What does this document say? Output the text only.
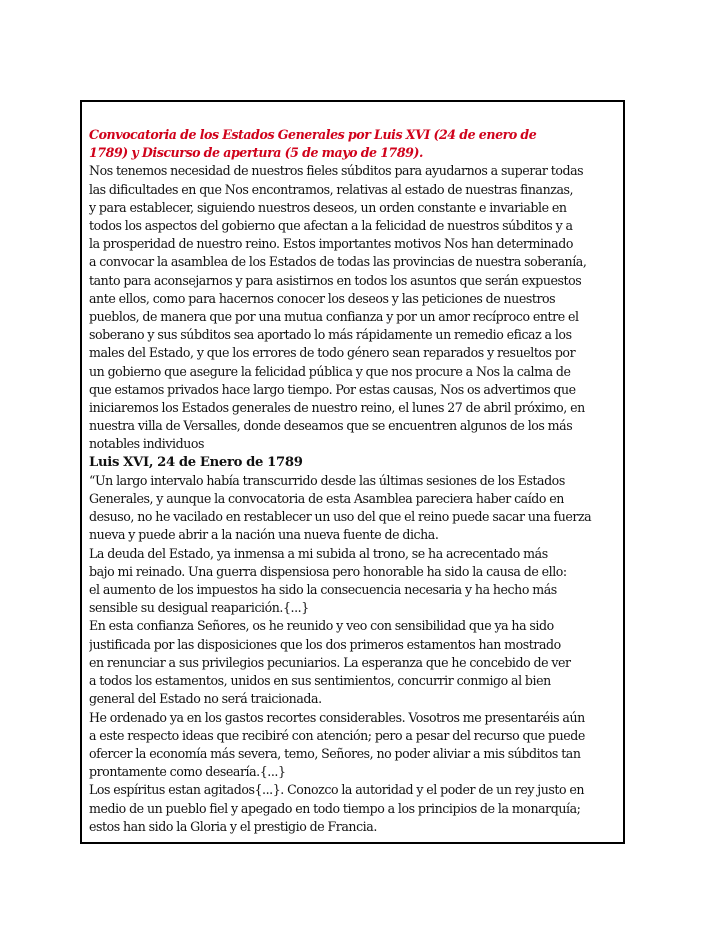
Convocatoria de los Estados Generales por Luis XVI (24 de enero de
1789) y Discurso de apertura (5 de mayo de 1789).
Nos tenemos necesidad de nuestros fieles súbditos para ayudarnos a superar todas
las dificultades en que Nos encontramos, relativas al estado de nuestras finanzas,
y para establecer, siguiendo nuestros deseos, un orden constante e invariable en
todos los aspectos del gobierno que afectan a la felicidad de nuestros súbditos y a
la prosperidad de nuestro reino. Estos importantes motivos Nos han determinado
a convocar la asamblea de los Estados de todas las provincias de nuestra soberanía,
tanto para aconsejarnos y para asistirnos en todos los asuntos que serán expuestos
ante ellos, como para hacernos conocer los deseos y las peticiones de nuestros
pueblos, de manera que por una mutua confianza y por un amor recíproco entre el
soberano y sus súbditos sea aportado lo más rápidamente un remedio eficaz a los
males del Estado, y que los errores de todo género sean reparados y resueltos por
un gobierno que asegure la felicidad pública y que nos procure a Nos la calma de
que estamos privados hace largo tiempo. Por estas causas, Nos os advertimos que
iniciaremos los Estados generales de nuestro reino, el lunes 27 de abril próximo, en
nuestra villa de Versalles, donde deseamos que se encuentren algunos de los más
notables individuos
Luis XVI, 24 de Enero de 1789
“Un largo intervalo había transcurrido desde las últimas sesiones de los Estados
Generales, y aunque la convocatoria de esta Asamblea pareciera haber caído en
desuso, no he vacilado en restablecer un uso del que el reino puede sacar una fuerza
nueva y puede abrir a la nación una nueva fuente de dicha.
La deuda del Estado, ya inmensa a mi subida al trono, se ha acrecentado más
bajo mi reinado. Una guerra dispensiosa pero honorable ha sido la causa de ello:
el aumento de los impuestos ha sido la consecuencia necesaria y ha hecho más
sensible su desigual reaparición.{...}
En esta confianza Señores, os he reunido y veo con sensibilidad que ya ha sido
justificada por las disposiciones que los dos primeros estamentos han mostrado
en renunciar a sus privilegios pecuniarios. La esperanza que he concebido de ver
a todos los estamentos, unidos en sus sentimientos, concurrir conmigo al bien
general del Estado no será traicionada.
He ordenado ya en los gastos recortes considerables. Vosotros me presentaréis aún
a este respecto ideas que recibiré con atención; pero a pesar del recurso que puede
ofercer la economía más severa, temo, Señores, no poder aliviar a mis súbditos tan
prontamente como desearía.{...}
Los espíritus estan agitados{...}. Conozco la autoridad y el poder de un rey justo en
medio de un pueblo fiel y apegado en todo tiempo a los principios de la monarquía;
estos han sido la Gloria y el prestigio de Francia.
